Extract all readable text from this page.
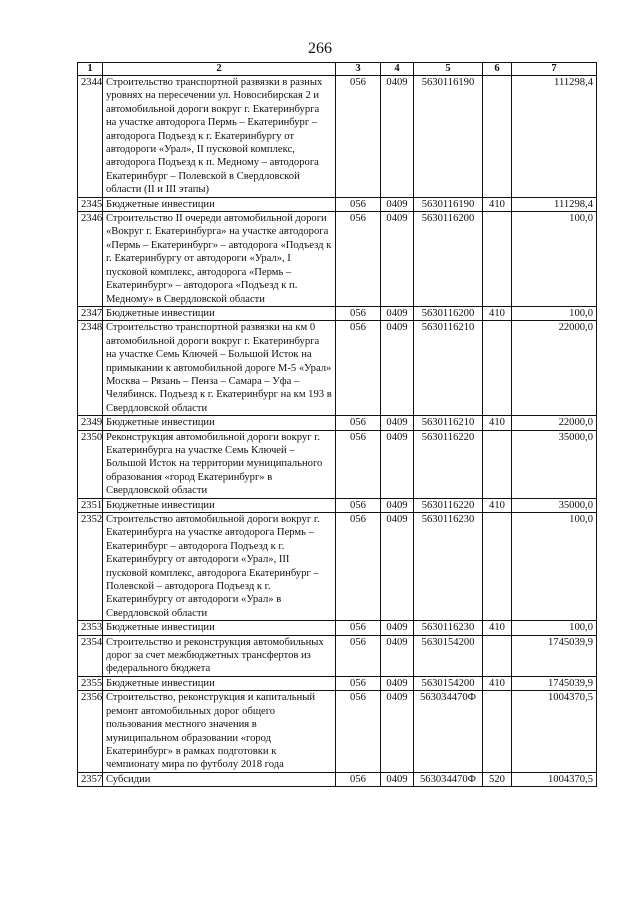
266
1	2	3	4	5	6	7
2344	Строительство транспортной развязки в разных уровнях на пересечении ул. Новосибирская 2 и автомобильной дороги вокруг г. Екатеринбурга на участке автодорога Пермь – Екатеринбург – автодорога Подъезд к г. Екатеринбургу от автодороги «Урал», II пусковой комплекс, автодорога Подъезд к п. Медному – автодорога Екатеринбург – Полевской в Свердловской области (II и III этапы)	056	0409	5630116190		111298,4
2345	Бюджетные инвестиции	056	0409	5630116190	410	111298,4
2346	Строительство II очереди автомобильной дороги «Вокруг г. Екатеринбурга» на участке автодорога «Пермь – Екатеринбург» – автодорога «Подъезд к г. Екатеринбургу от автодороги «Урал», I пусковой комплекс, автодорога «Пермь – Екатеринбург» – автодорога «Подъезд к п. Медному» в Свердловской области	056	0409	5630116200		100,0
2347	Бюджетные инвестиции	056	0409	5630116200	410	100,0
2348	Строительство транспортной развязки на км 0 автомобильной дороги вокруг г. Екатеринбурга на участке Семь Ключей – Большой Исток на примыкании к автомобильной дороге М-5 «Урал» Москва – Рязань – Пенза – Самара – Уфа – Челябинск. Подъезд к г. Екатеринбург на км 193 в Свердловской области	056	0409	5630116210		22000,0
2349	Бюджетные инвестиции	056	0409	5630116210	410	22000,0
2350	Реконструкция автомобильной дороги вокруг г. Екатеринбурга на участке Семь Ключей – Большой Исток на территории муниципального образования «город Екатеринбург» в Свердловской области	056	0409	5630116220		35000,0
2351	Бюджетные инвестиции	056	0409	5630116220	410	35000,0
2352	Строительство автомобильной дороги вокруг г. Екатеринбурга на участке автодорога Пермь – Екатеринбург – автодорога Подъезд к г. Екатеринбургу от автодороги «Урал», III пусковой комплекс, автодорога Екатеринбург – Полевской – автодорога Подъезд к г. Екатеринбургу от автодороги «Урал» в Свердловской области	056	0409	5630116230		100,0
2353	Бюджетные инвестиции	056	0409	5630116230	410	100,0
2354	Строительство и реконструкция автомобильных дорог за счет межбюджетных трансфертов из федерального бюджета	056	0409	5630154200		1745039,9
2355	Бюджетные инвестиции	056	0409	5630154200	410	1745039,9
2356	Строительство, реконструкция и капитальный ремонт автомобильных дорог общего пользования местного значения в муниципальном образовании «город Екатеринбург» в рамках подготовки к чемпионату мира по футболу 2018 года	056	0409	563034470Ф		1004370,5
2357	Субсидии	056	0409	563034470Ф	520	1004370,5
